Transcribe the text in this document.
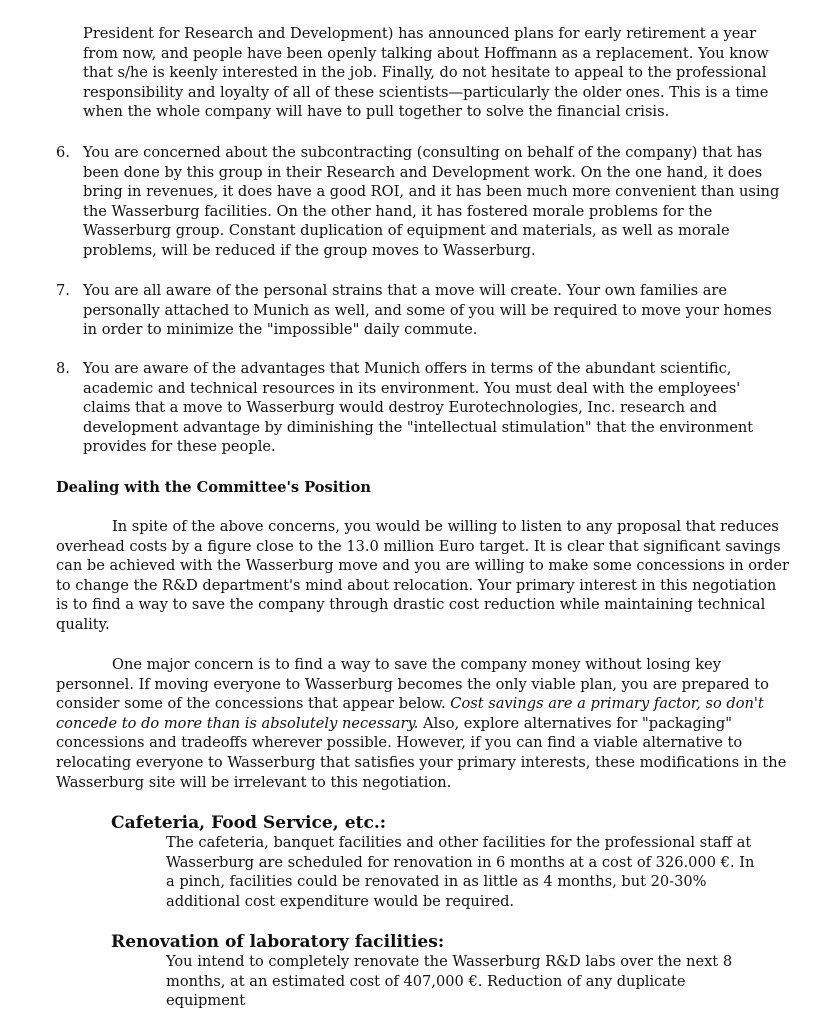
President for Research and Development) has announced plans for early retirement a year from now, and people have been openly talking about Hoffmann as a replacement. You know that s/he is keenly interested in the job. Finally, do not hesitate to appeal to the professional responsibility and loyalty of all of these scientists—particularly the older ones. This is a time when the whole company will have to pull together to solve the financial crisis.

6. You are concerned about the subcontracting (consulting on behalf of the company) that has been done by this group in their Research and Development work. On the one hand, it does bring in revenues, it does have a good ROI, and it has been much more convenient than using the Wasserburg facilities. On the other hand, it has fostered morale problems for the Wasserburg group. Constant duplication of equipment and materials, as well as morale problems, will be reduced if the group moves to Wasserburg.

7. You are all aware of the personal strains that a move will create. Your own families are personally attached to Munich as well, and some of you will be required to move your homes in order to minimize the "impossible" daily commute.

8. You are aware of the advantages that Munich offers in terms of the abundant scientific, academic and technical resources in its environment. You must deal with the employees' claims that a move to Wasserburg would destroy Eurotechnologies, Inc. research and development advantage by diminishing the "intellectual stimulation" that the environment provides for these people.

Dealing with the Committee's Position

In spite of the above concerns, you would be willing to listen to any proposal that reduces overhead costs by a figure close to the 13.0 million Euro target. It is clear that significant savings can be achieved with the Wasserburg move and you are willing to make some concessions in order to change the R&D department's mind about relocation. Your primary interest in this negotiation is to find a way to save the company through drastic cost reduction while maintaining technical quality.

One major concern is to find a way to save the company money without losing key personnel. If moving everyone to Wasserburg becomes the only viable plan, you are prepared to consider some of the concessions that appear below. Cost savings are a primary factor, so don't concede to do more than is absolutely necessary. Also, explore alternatives for "packaging" concessions and tradeoffs wherever possible. However, if you can find a viable alternative to relocating everyone to Wasserburg that satisfies your primary interests, these modifications in the Wasserburg site will be irrelevant to this negotiation.

Cafeteria, Food Service, etc.:

The cafeteria, banquet facilities and other facilities for the professional staff at Wasserburg are scheduled for renovation in 6 months at a cost of 326.000 €. In a pinch, facilities could be renovated in as little as 4 months, but 20-30% additional cost expenditure would be required.

Renovation of laboratory facilities:

You intend to completely renovate the Wasserburg R&D labs over the next 8 months, at an estimated cost of 407,000 €. Reduction of any duplicate equipment
